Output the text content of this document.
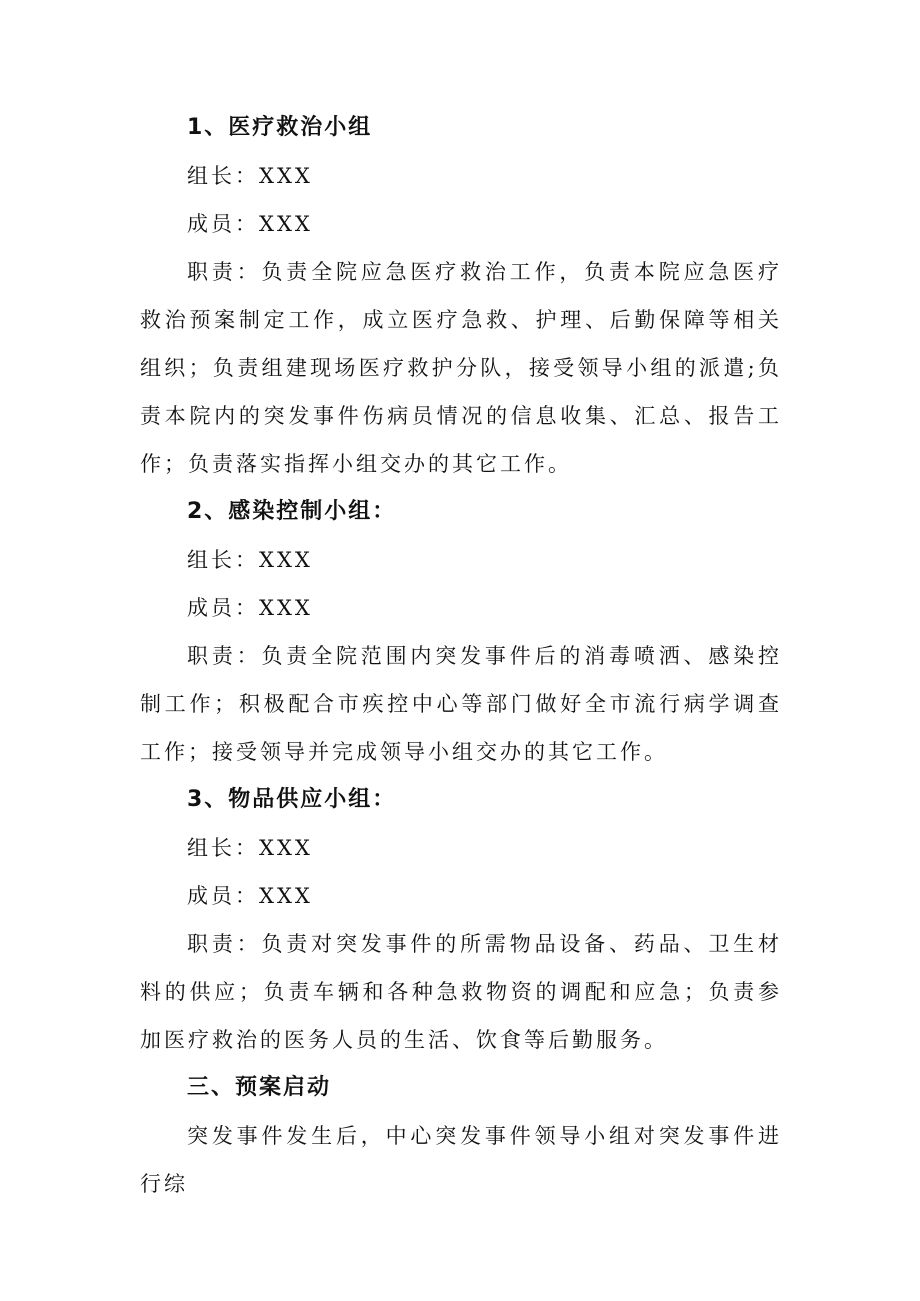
1、医疗救治小组

组长：XXX

成员：XXX

职责：负责全院应急医疗救治工作，负责本院应急医疗救治预案制定工作，成立医疗急救、护理、后勤保障等相关组织；负责组建现场医疗救护分队，接受领导小组的派遣;负责本院内的突发事件伤病员情况的信息收集、汇总、报告工作；负责落实指挥小组交办的其它工作。

2、感染控制小组：

组长：XXX

成员：XXX

职责：负责全院范围内突发事件后的消毒喷洒、感染控制工作；积极配合市疾控中心等部门做好全市流行病学调查工作；接受领导并完成领导小组交办的其它工作。

3、物品供应小组：

组长：XXX

成员：XXX

职责：负责对突发事件的所需物品设备、药品、卫生材料的供应；负责车辆和各种急救物资的调配和应急；负责参加医疗救治的医务人员的生活、饮食等后勤服务。

三、预案启动

突发事件发生后，中心突发事件领导小组对突发事件进行综
